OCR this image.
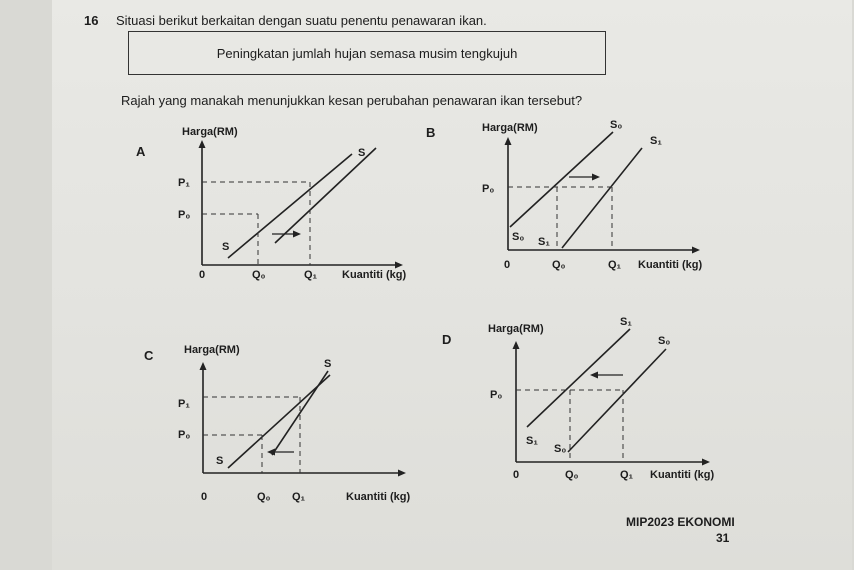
16 Situasi berikut berkaitan dengan suatu penentu penawaran ikan.
Peningkatan jumlah hujan semasa musim tengkujuh
Rajah yang manakah menunjukkan kesan perubahan penawaran ikan tersebut?
A
Harga(RM)
P₁
P₀
S
S
0	Q₀	Q₁ Kuantiti (kg)
B	Harga(RM)
P₀
S₀
S₁
S₀ S₁
0	Q₀	Q₁ Kuantiti (kg)
C	Harga(RM)
P₁
P₀
S
S
0	Q₀ Q₁	Kuantiti (kg)
D
Harga(RM)
P₀
S₁
S₀
S₁
S₀
0	Q₀	Q₁ Kuantiti (kg)
MIP2023 EKONOMI
31
